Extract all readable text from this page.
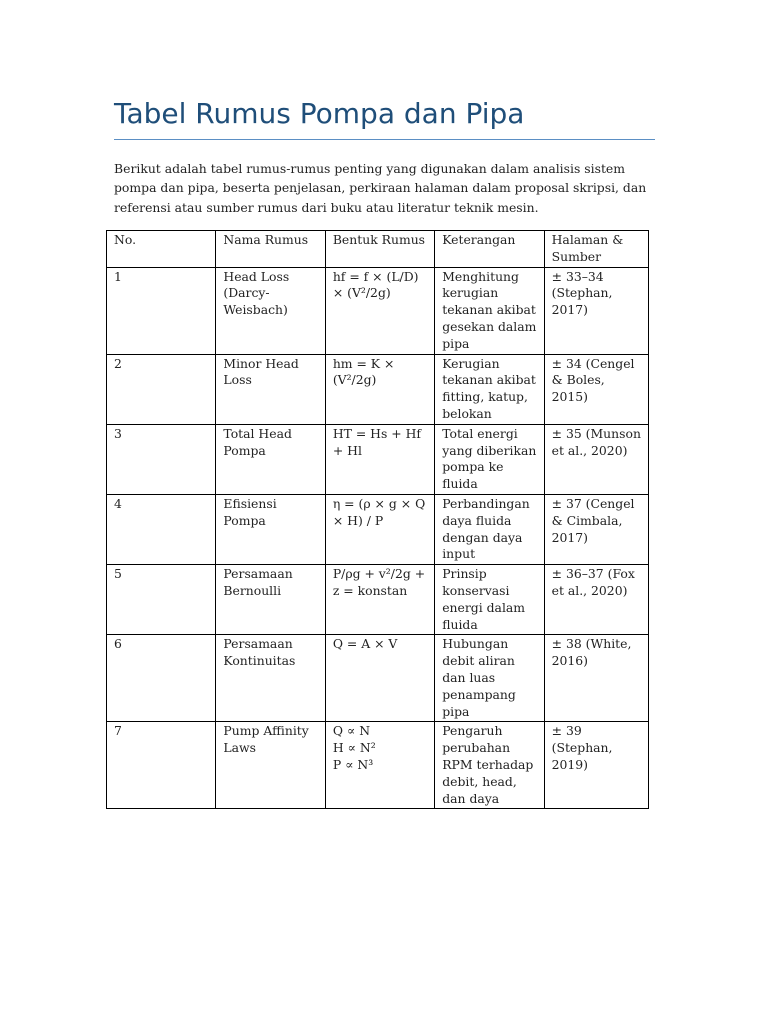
Tabel Rumus Pompa dan Pipa

Berikut adalah tabel rumus-rumus penting yang digunakan dalam analisis sistem pompa dan pipa, beserta penjelasan, perkiraan halaman dalam proposal skripsi, dan referensi atau sumber rumus dari buku atau literatur teknik mesin.

No.	Nama Rumus	Bentuk Rumus	Keterangan	Halaman & Sumber
1	Head Loss (Darcy-Weisbach)	hf = f × (L/D) × (V²/2g)	Menghitung kerugian tekanan akibat gesekan dalam pipa	± 33–34 (Stephan, 2017)
2	Minor Head Loss	hm = K × (V²/2g)	Kerugian tekanan akibat fitting, katup, belokan	± 34 (Cengel & Boles, 2015)
3	Total Head Pompa	HT = Hs + Hf + Hl	Total energi yang diberikan pompa ke fluida	± 35 (Munson et al., 2020)
4	Efisiensi Pompa	η = (ρ × g × Q × H) / P	Perbandingan daya fluida dengan daya input	± 37 (Cengel & Cimbala, 2017)
5	Persamaan Bernoulli	P/ρg + v²/2g + z = konstan	Prinsip konservasi energi dalam fluida	± 36–37 (Fox et al., 2020)
6	Persamaan Kontinuitas	Q = A × V	Hubungan debit aliran dan luas penampang pipa	± 38 (White, 2016)
7	Pump Affinity Laws	Q ∝ N
H ∝ N²
P ∝ N³	Pengaruh perubahan RPM terhadap debit, head, dan daya	± 39 (Stephan, 2019)
